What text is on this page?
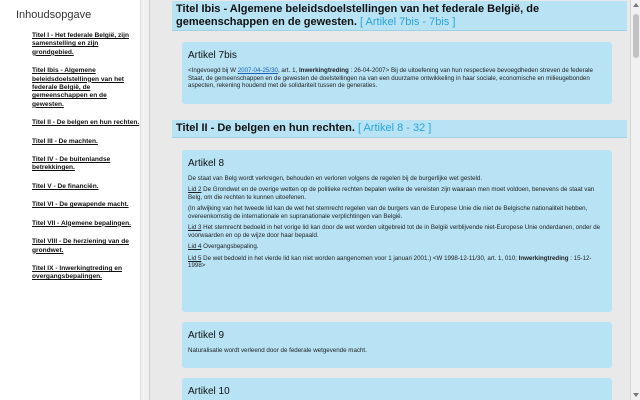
Inhoudsopgave
Titel I - Het federale België, zijn samenstelling en zijn grondgebied.
Titel Ibis - Algemene beleidsdoelstellingen van het federale België, de gemeenschappen en de gewesten.
Titel II - De belgen en hun rechten.
Titel III - De machten.
Titel IV - De buitenlandse betrekkingen.
Titel V - De financiën.
Titel VI - De gewapende macht.
Titel VII - Algemene bepalingen.
Titel VIII - De herziening van de grondwet.
Titel IX - Inwerkingtreding en overgangsbepalingen.
Titel Ibis - Algemene beleidsdoelstellingen van het federale België, de gemeenschappen en de gewesten. [ Artikel 7bis - 7bis ]
Artikel 7bis

<Ingevoegd bij W 2007-04-25/30, art. 1, Inwerkingtreding : 26-04-2007> Bij de uitoefening van hun respectieve bevoegdheden streven de federale Staat, de gemeenschappen en de gewesten de doelstellingen na van een duurzame ontwikkeling in haar sociale, economische en milieugebonden aspecten, rekening houdend met de solidariteit tussen de generaties.

Titel II - De belgen en hun rechten. [ Artikel 8 - 32 ]
Artikel 8

De staat van Belg wordt verkregen, behouden en verloren volgens de regelen bij de burgerlijke wet gesteld.

Lid 2 De Grondwet en de overige wetten op de politieke rechten bepalen welke de vereisten zijn waaraan men moet voldoen, benevens de staat van Belg, om die rechten te kunnen uitoefenen.

(In afwijking van het tweede lid kan de wet het stemrecht regelen van de burgers van de Europese Unie die niet de Belgische nationaliteit hebben, overeenkomstig de internationale en supranationale verplichtingen van België.

Lid 3 Het stemrecht bedoeld in het vorige lid kan door de wet worden uitgebreid tot de in België verblijvende niet-Europese Unie onderdanen, onder de voorwaarden en op de wijze door haar bepaald.

Lid 4 Overgangsbepaling.

Lid 5 De wet bedoeld in het vierde lid kan niet worden aangenomen voor 1 januari 2001.) <W 1998-12-11/30, art. 1, 010; Inwerkingtreding : 15-12-1998>

Artikel 9

Naturalisatie wordt verleend door de federale wetgevende macht.

Artikel 10
